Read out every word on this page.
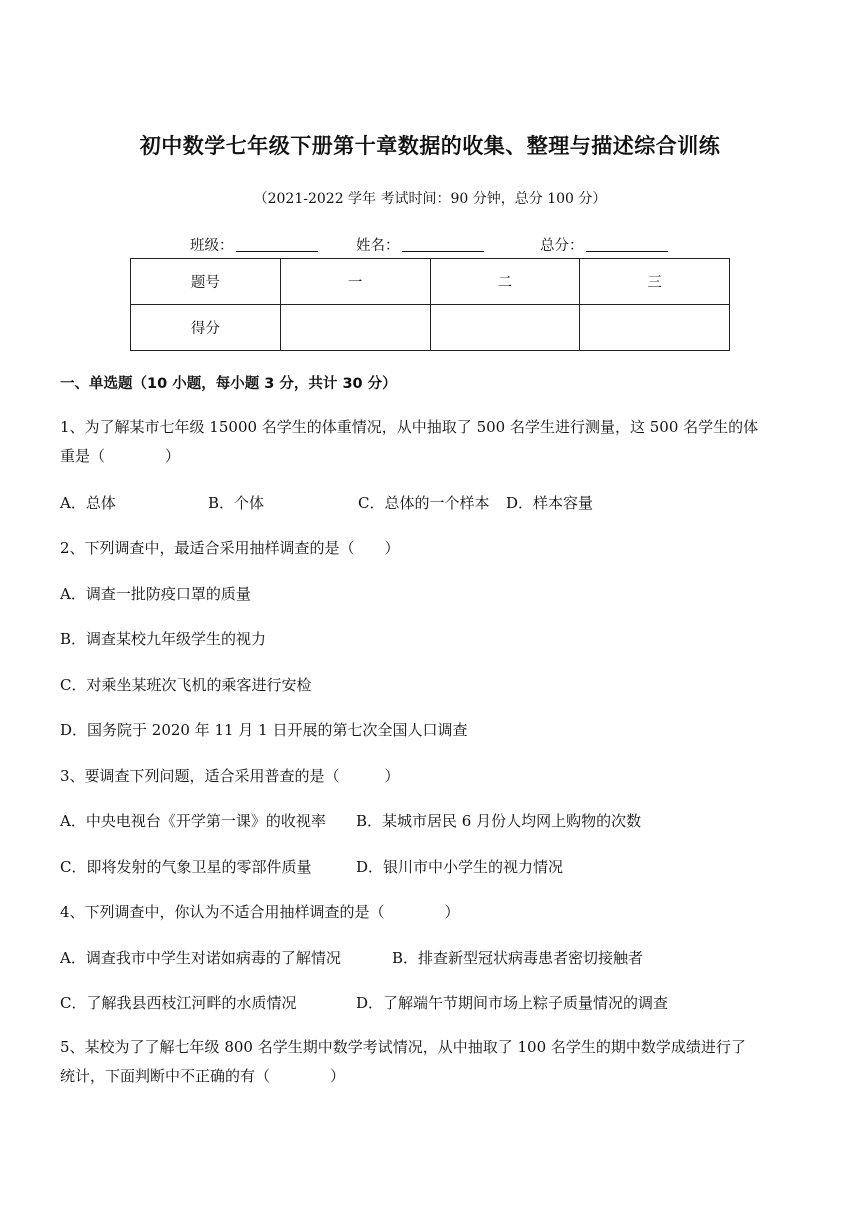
初中数学七年级下册第十章数据的收集、整理与描述综合训练
（2021-2022 学年 考试时间：90 分钟，总分 100 分）
班级：	姓名：	总分：
题号	一	二	三
得分			
一、单选题（10 小题，每小题 3 分，共计 30 分）
1、为了解某市七年级 15000 名学生的体重情况，从中抽取了 500 名学生进行测量，这 500 名学生的体
重是（　　　　）
A．总体	B．个体	C．总体的一个样本 D．样本容量
2、下列调查中，最适合采用抽样调查的是（　　）
A．调查一批防疫口罩的质量
B．调查某校九年级学生的视力
C．对乘坐某班次飞机的乘客进行安检
D．国务院于 2020 年 11 月 1 日开展的第七次全国人口调查
3、要调查下列问题，适合采用普查的是（　　　）
A．中央电视台《开学第一课》的收视率 B．某城市居民 6 月份人均网上购物的次数
C．即将发射的气象卫星的零部件质量	D．银川市中小学生的视力情况
4、下列调查中，你认为不适合用抽样调查的是（　　　　）
A．调查我市中学生对诺如病毒的了解情况	B．排查新型冠状病毒患者密切接触者
C．了解我县西枝江河畔的水质情况	D．了解端午节期间市场上粽子质量情况的调查
5、某校为了了解七年级 800 名学生期中数学考试情况，从中抽取了 100 名学生的期中数学成绩进行了
统计，下面判断中不正确的有（　　　　）
